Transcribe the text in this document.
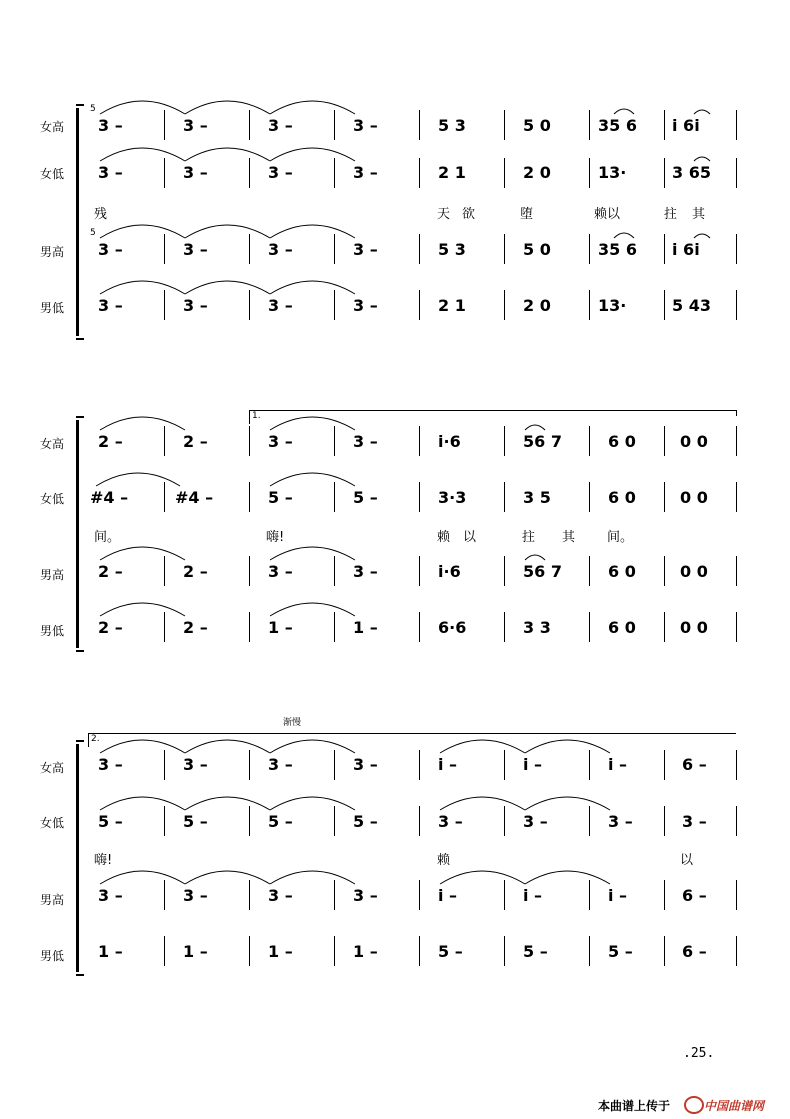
女高
女低
男高
男低
5
5
3 –	3 –	3 –	3 –	5 3	5 0	35 6 i 6i
3 –	3 –	3 –	3 –	2 1	2 0	13·	3 65
残	天 欲	堕	赖以	拄 其
3 –	3 –	3 –	3 –	5 3	5 0	35 6 i 6i
3 –	3 –	3 –	3 –	2 1	2 0	13·	5 43
1.
女高
女低
男高
男低
2 –	2 –	3 –	3 –	i·6	56 7	6 0	0 0
#4 –	#4 –	5 –	5 –	3·3	3 5	6 0	0 0
间。	嗨!	赖 以	拄 其 间。
2 –	2 –	3 –	3 –	i·6	56 7	6 0	0 0
2 –	2 –	1 –	1 –	6·6	3 3	6 0	0 0
渐慢
2.
女高
女低
男高
男低
3 –	3 –	3 –	3 –	i –	i –	i –	6 –
5 –	5 –	5 –	5 –	3 –	3 –	3 –	3 –
嗨!	赖	以
3 –	3 –	3 –	3 –	i –	i –	i –	6 –
1 –	1 –	1 –	1 –	5 –	5 –	5 –	6 –
.25.
本曲谱上传于	中国曲谱网
